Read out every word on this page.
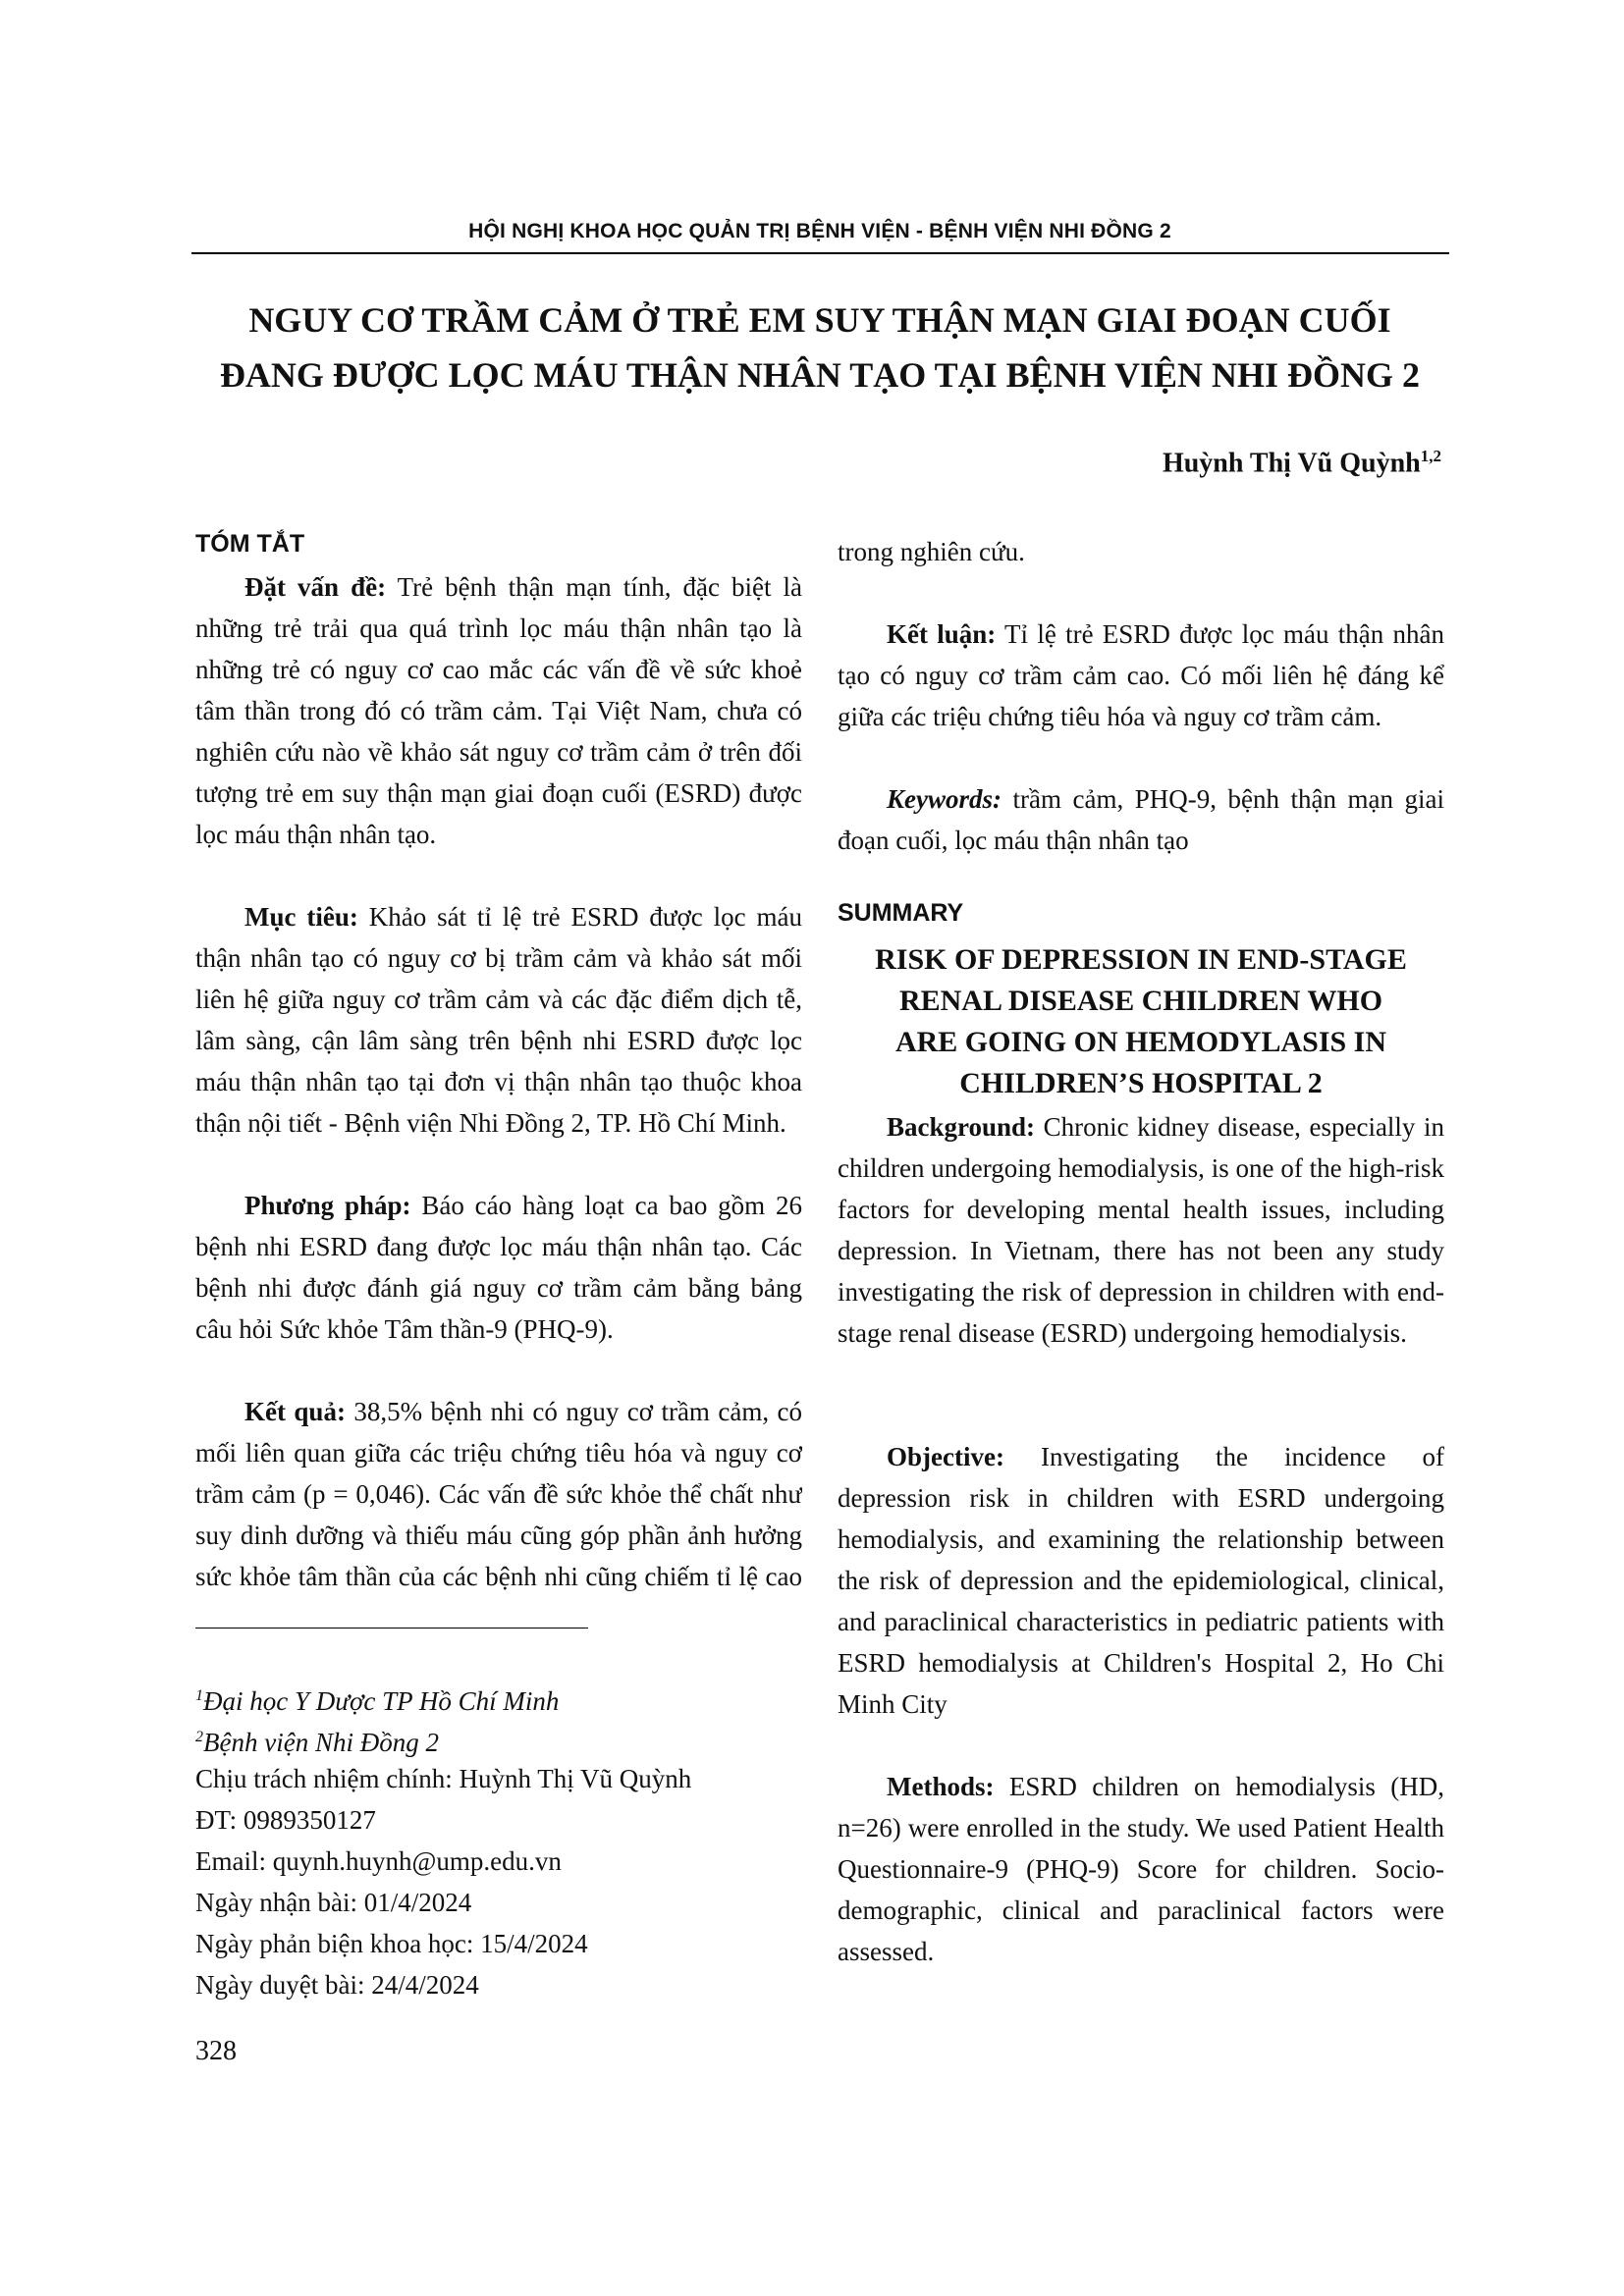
HỘI NGHỊ KHOA HỌC QUẢN TRỊ BỆNH VIỆN - BỆNH VIỆN NHI ĐỒNG 2
NGUY CƠ TRẦM CẢM Ở TRẺ EM SUY THẬN MẠN GIAI ĐOẠN CUỐI
ĐANG ĐƯỢC LỌC MÁU THẬN NHÂN TẠO TẠI BỆNH VIỆN NHI ĐỒNG 2
Huỳnh Thị Vũ Quỳnh$^{1,2}$
TÓM TẮT

Đặt vấn đề: Trẻ bệnh thận mạn tính, đặc biệt là những trẻ trải qua quá trình lọc máu thận nhân tạo là những trẻ có nguy cơ cao mắc các vấn đề về sức khoẻ tâm thần trong đó có trầm cảm. Tại Việt Nam, chưa có nghiên cứu nào về khảo sát nguy cơ trầm cảm ở trên đối tượng trẻ em suy thận mạn giai đoạn cuối (ESRD) được lọc máu thận nhân tạo.

Mục tiêu: Khảo sát tỉ lệ trẻ ESRD được lọc máu thận nhân tạo có nguy cơ bị trầm cảm và khảo sát mối liên hệ giữa nguy cơ trầm cảm và các đặc điểm dịch tễ, lâm sàng, cận lâm sàng trên bệnh nhi ESRD được lọc máu thận nhân tạo tại đơn vị thận nhân tạo thuộc khoa thận nội tiết - Bệnh viện Nhi Đồng 2, TP. Hồ Chí Minh.

Phương pháp: Báo cáo hàng loạt ca bao gồm 26 bệnh nhi ESRD đang được lọc máu thận nhân tạo. Các bệnh nhi được đánh giá nguy cơ trầm cảm bằng bảng câu hỏi Sức khỏe Tâm thần-9 (PHQ-9).

Kết quả: 38,5% bệnh nhi có nguy cơ trầm cảm, có mối liên quan giữa các triệu chứng tiêu hóa và nguy cơ trầm cảm (p = 0,046). Các vấn đề sức khỏe thể chất như suy dinh dưỡng và thiếu máu cũng góp phần ảnh hưởng sức khỏe tâm thần của các bệnh nhi cũng chiếm tỉ lệ cao

$^1$Đại học Y Dược TP Hồ Chí Minh
$^2$Bệnh viện Nhi Đồng 2
Chịu trách nhiệm chính: Huỳnh Thị Vũ Quỳnh
ĐT: 0989350127
Email: quynh.huynh@ump.edu.vn
Ngày nhận bài: 01/4/2024
Ngày phản biện khoa học: 15/4/2024
Ngày duyệt bài: 24/4/2024
328

trong nghiên cứu.

Kết luận: Tỉ lệ trẻ ESRD được lọc máu thận nhân tạo có nguy cơ trầm cảm cao. Có mối liên hệ đáng kể giữa các triệu chứng tiêu hóa và nguy cơ trầm cảm.

Keywords: trầm cảm, PHQ-9, bệnh thận mạn giai đoạn cuối, lọc máu thận nhân tạo

SUMMARY
RISK OF DEPRESSION IN END-STAGE
RENAL DISEASE CHILDREN WHO
ARE GOING ON HEMODYLASIS IN
CHILDREN’S HOSPITAL 2

Background: Chronic kidney disease, especially in children undergoing hemodialysis, is one of the high-risk factors for developing mental health issues, including depression. In Vietnam, there has not been any study investigating the risk of depression in children with end-stage renal disease (ESRD) undergoing hemodialysis.

Objective: Investigating the incidence of depression risk in children with ESRD undergoing hemodialysis, and examining the relationship between the risk of depression and the epidemiological, clinical, and paraclinical characteristics in pediatric patients with ESRD hemodialysis at Children's Hospital 2, Ho Chi Minh City

Methods: ESRD children on hemodialysis (HD, n=26) were enrolled in the study. We used Patient Health Questionnaire-9 (PHQ-9) Score for children. Socio-demographic, clinical and paraclinical factors were assessed.
